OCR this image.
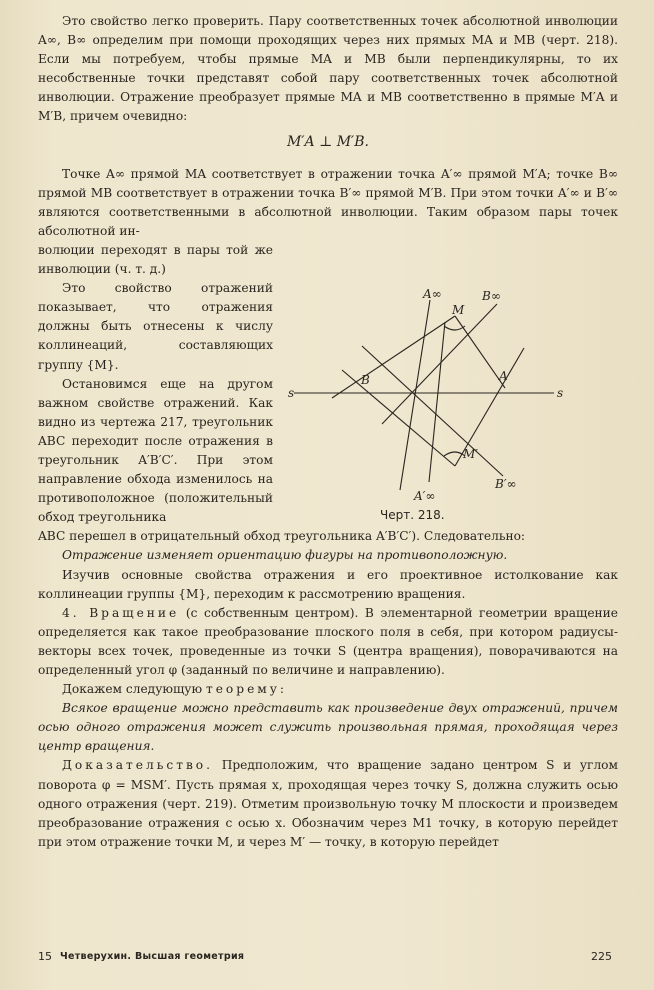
Это свойство легко проверить. Пару соответственных точек абсолютной инволюции A∞, B∞ определим при помощи проходящих через них прямых MA и MB (черт. 218). Если мы потребуем, чтобы прямые MA и MB были перпендикулярны, то их несобственные точки представят собой пару соответственных точек абсолютной инволюции. Отражение преобразует прямые MA и MB соответственно в прямые M′A и M′B, причем очевидно:

M′A ⊥ M′B.

Точке A∞ прямой MA соответствует в отражении точка A′∞ прямой M′A; точке B∞ прямой MB соответствует в отражении точка B′∞ прямой M′B. При этом точки A′∞ и B′∞ являются соответственными в абсолютной инволюции. Таким образом пары точек абсолютной ин-

волюции переходят в пары той же инволюции (ч. т. д.)

Это свойство отражений показывает, что отражения должны быть отнесены к числу коллинеаций, составляющих группу {M}.

Остановимся еще на другом важном свойстве отражений. Как видно из чертежа 217, треугольник ABC переходит после отражения в треугольник A′B′C′. При этом направление обхода изменилось на противоположное (положительный обход треугольника

ABC перешел в отрицательный обход треугольника A′B′C′). Следовательно:

Отражение изменяет ориентацию фигуры на противоположную.

Изучив основные свойства отражения и его проективное истолкование как коллинеации группы {M}, переходим к рассмотрению вращения.

4. Вращение (с собственным центром). В элементарной геометрии вращение определяется как такое преобразование плоского поля в себя, при котором радиусы-векторы всех точек, проведенные из точки S (центра вращения), поворачиваются на определенный угол φ (заданный по величине и направлению).

Докажем следующую теорему:

Всякое вращение можно представить как произведение двух отражений, причем осью одного отражения может служить произвольная прямая, проходящая через центр вращения.

Доказательство. Предположим, что вращение задано центром S и углом поворота φ = MSM′. Пусть прямая x, проходящая через точку S, должна служить осью одного отражения (черт. 219). Отметим произвольную точку M плоскости и произведем преобразование отражения с осью x. Обозначим через M1 точку, в которую перейдет при этом отражение точки M, и через M′ — точку, в которую перейдет

A∞	B∞
M
B	A
s	s
M′
B′∞
A′∞
Черт. 218.
15 Четверухин. Высшая геометрия	225
